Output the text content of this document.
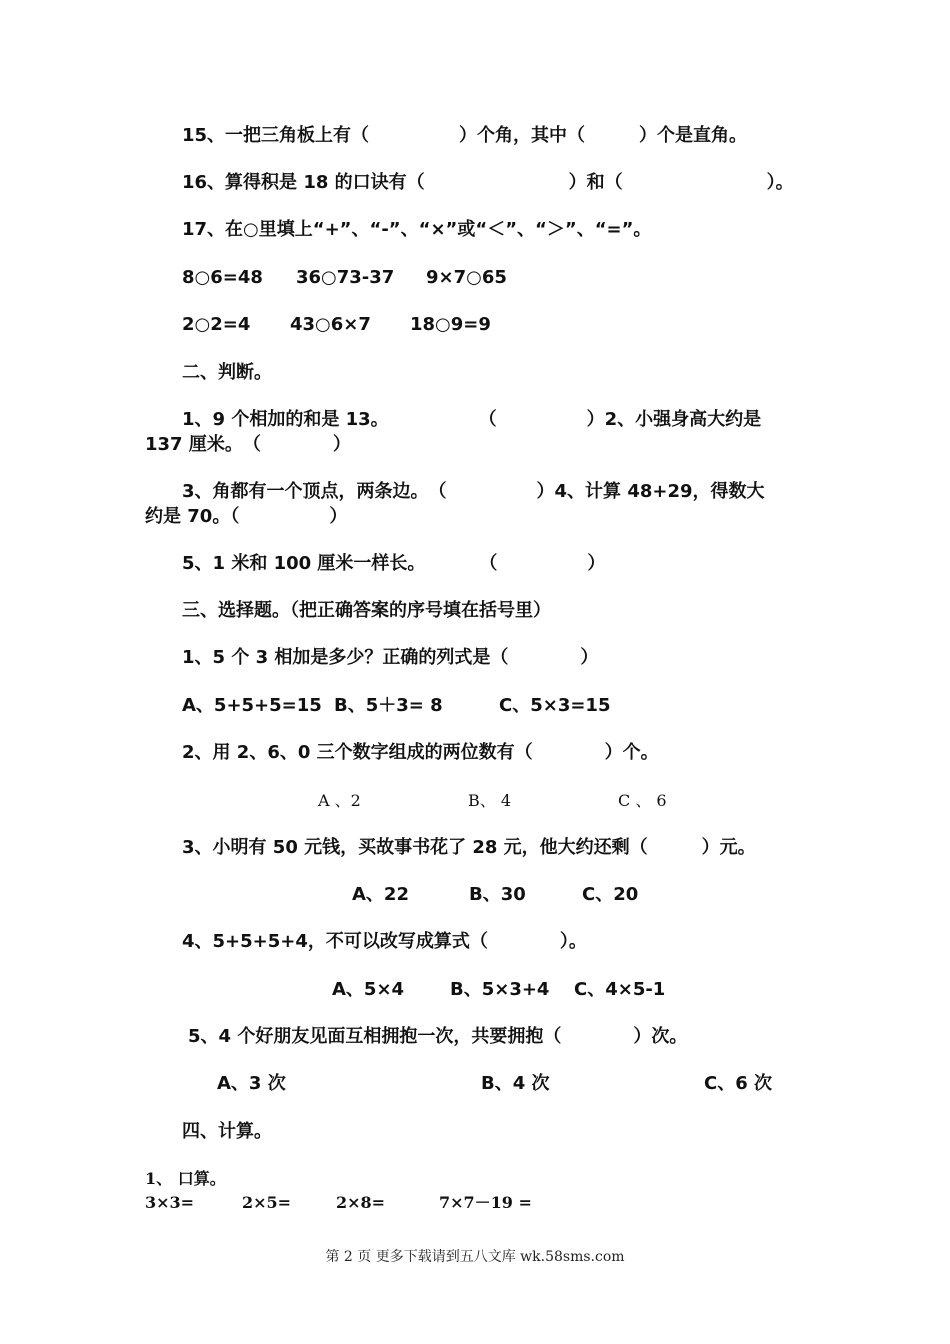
15、一把三角板上有（　　　　　）个角，其中（　　　）个是直角。
16、算得积是 18 的口诀有（　　　　　　　　）和（　　　　　　　　）。
17、在○里填上“+”、“-”、“×”或“＜”、“＞”、“=”。
8○6=48 36○73-37 9×7○65
2○2=4 43○6×7 18○9=9
二、判断。
1、9 个相加的和是 13。　　　　　　（　　　　　）2、小强身高大约是
137 厘米。　（　　　　）
3、角都有一个顶点，两条边。　（　　　　　）4、计算 48+29，得数大
约是 70。（　　　　　）
5、1 米和 100 厘米一样长。　　　　（　　　　　）
三、选择题。（把正确答案的序号填在括号里）
1、5 个 3 相加是多少？正确的列式是（　　　　）
A、5+5+5=15 B、5＋3= 8	C、5×3=15
2、用 2、6、0 三个数字组成的两位数有（　　　　）个。
A 、2	B、 4	C 、 6
3、小明有 50 元钱，买故事书花了 28 元，他大约还剩（　　　）元。
A、22	B、30	C、20
4、5+5+5+4，不可以改写成算式（　　　　）。
A、5×4	B、5×3+4 C、4×5-1
5、4 个好朋友见面互相拥抱一次，共要拥抱（　　　　）次。
A、3 次	B、4 次	C、6 次
四、计算。
1、 口算。
3×3=	2×5=	2×8=	7×7－19 =
第 2 页 更多下载请到五八文库 wk.58sms.com
